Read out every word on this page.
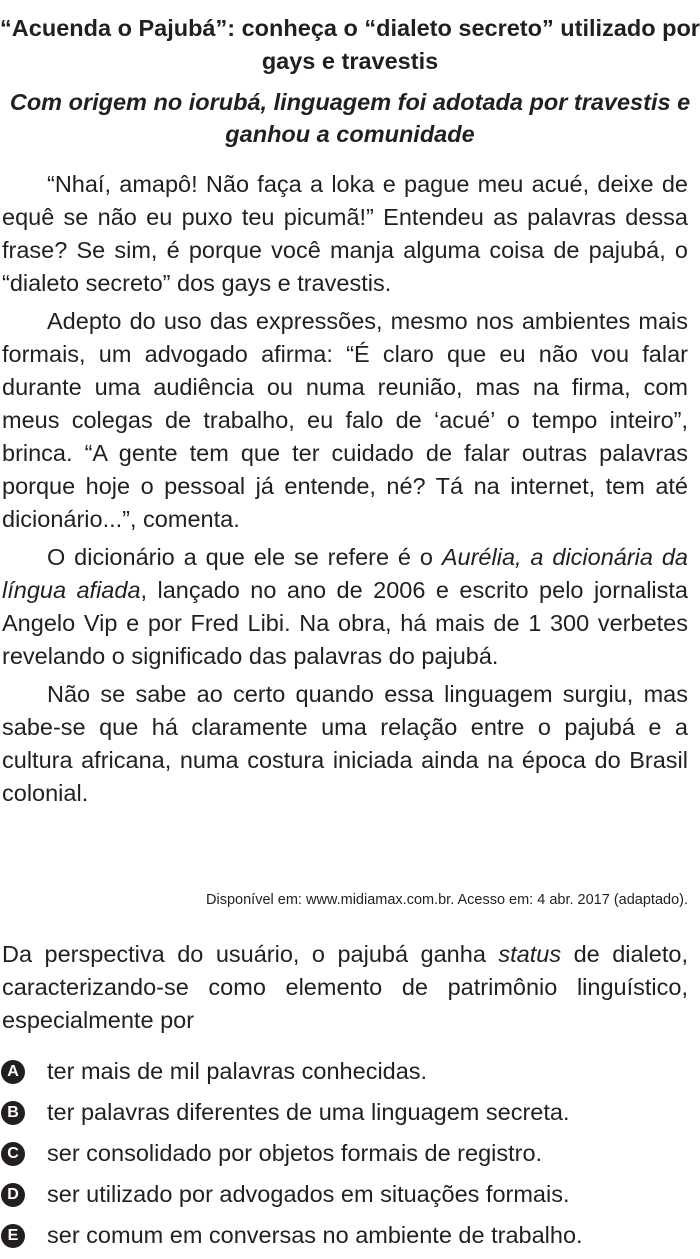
“Acuenda o Pajubá”: conheça o “dialeto secreto” utilizado por gays e travestis
Com origem no iorubá, linguagem foi adotada por travestis e ganhou a comunidade

“Nhaí, amapô! Não faça a loka e pague meu acué, deixe de equê se não eu puxo teu picumã!” Entendeu as palavras dessa frase? Se sim, é porque você manja alguma coisa de pajubá, o “dialeto secreto” dos gays e travestis.

Adepto do uso das expressões, mesmo nos ambientes mais formais, um advogado afirma: “É claro que eu não vou falar durante uma audiência ou numa reunião, mas na firma, com meus colegas de trabalho, eu falo de ‘acué’ o tempo inteiro”, brinca. “A gente tem que ter cuidado de falar outras palavras porque hoje o pessoal já entende, né? Tá na internet, tem até dicionário...”, comenta.

O dicionário a que ele se refere é o Aurélia, a dicionária da língua afiada, lançado no ano de 2006 e escrito pelo jornalista Angelo Vip e por Fred Libi. Na obra, há mais de 1 300 verbetes revelando o significado das palavras do pajubá.

Não se sabe ao certo quando essa linguagem surgiu, mas sabe-se que há claramente uma relação entre o pajubá e a cultura africana, numa costura iniciada ainda na época do Brasil colonial.

Disponível em: www.midiamax.com.br. Acesso em: 4 abr. 2017 (adaptado).

Da perspectiva do usuário, o pajubá ganha status de dialeto, caracterizando-se como elemento de patrimônio linguístico, especialmente por

A ter mais de mil palavras conhecidas.
B ter palavras diferentes de uma linguagem secreta.
C ser consolidado por objetos formais de registro.
D ser utilizado por advogados em situações formais.
E ser comum em conversas no ambiente de trabalho.
